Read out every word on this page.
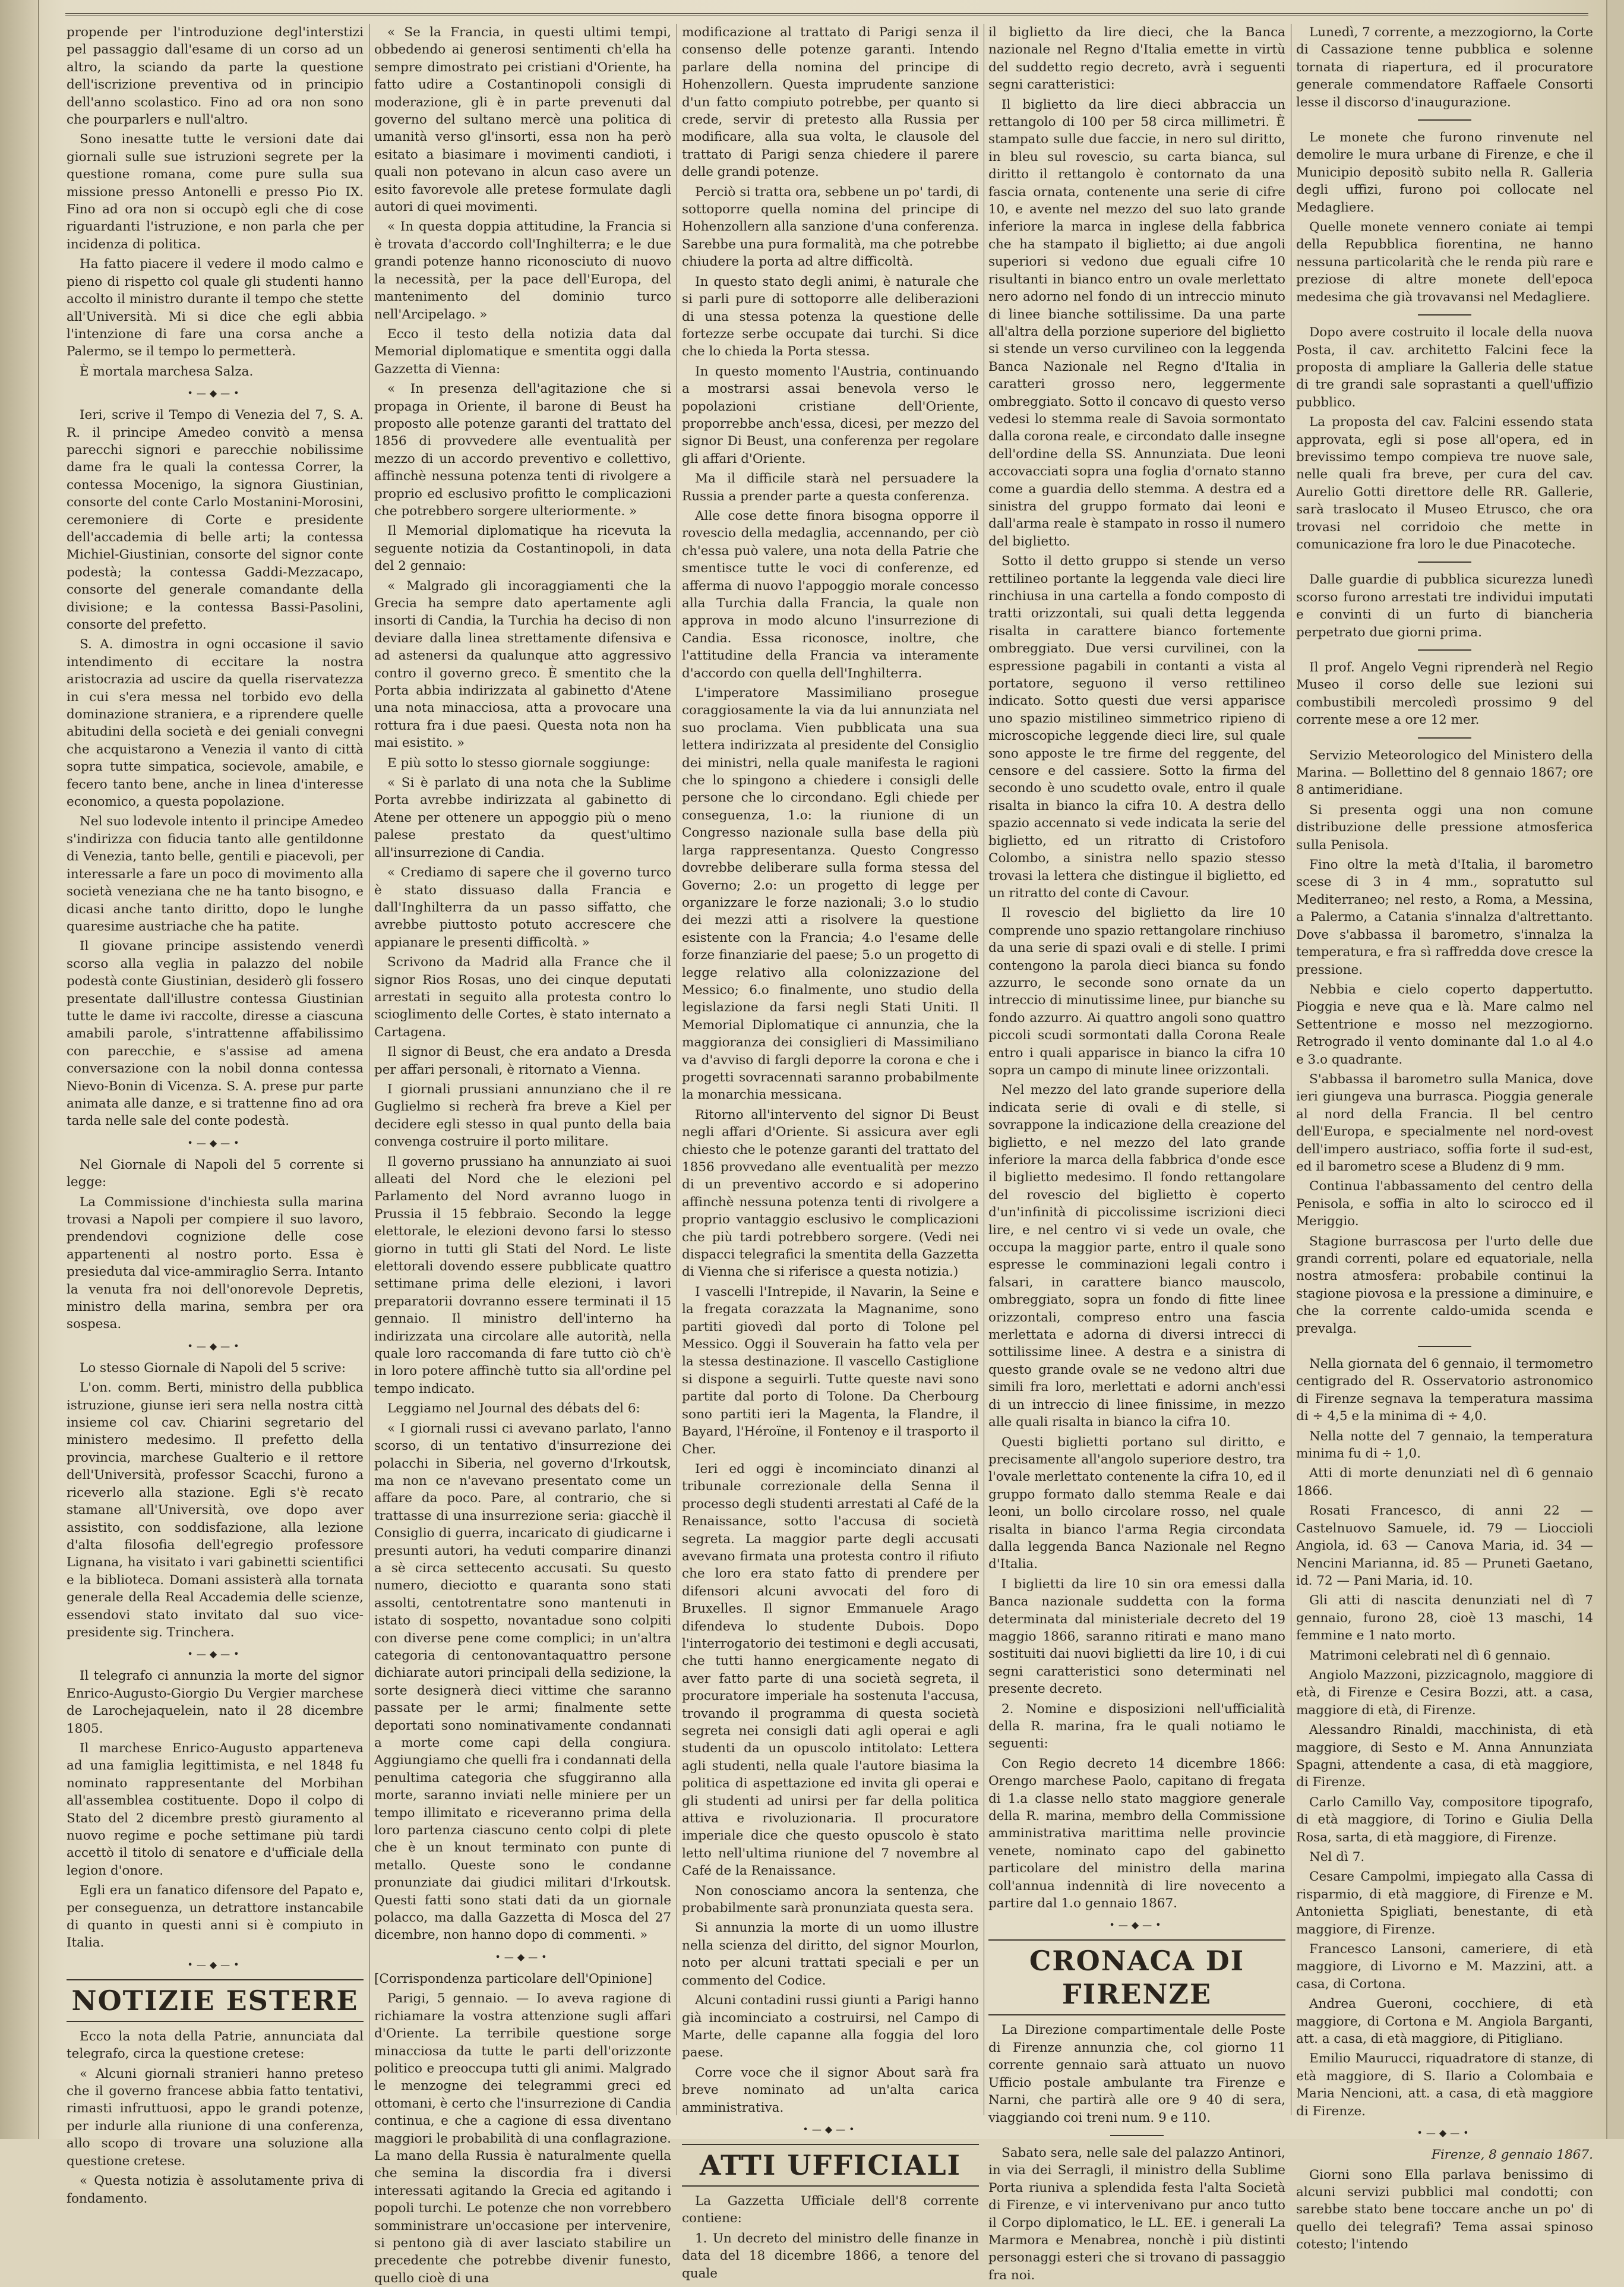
propende per l'introduzione degl'interstizi pel passaggio dall'esame di un corso ad un altro, la sciando da parte la questione dell'iscrizione preventiva od in principio dell'anno scolastico. Fino ad ora non sono che pourparlers e null'altro.

Sono inesatte tutte le versioni date dai giornali sulle sue istruzioni segrete per la questione romana, come pure sulla sua missione presso Antonelli e presso Pio IX. Fino ad ora non si occupò egli che di cose riguardanti l'istruzione, e non parla che per incidenza di politica.

Ha fatto piacere il vedere il modo calmo e pieno di rispetto col quale gli studenti hanno accolto il ministro durante il tempo che stette all'Università. Mi si dice che egli abbia l'intenzione di fare una corsa anche a Palermo, se il tempo lo permetterà.

È mortala marchesa Salza.

•—◆—•

Ieri, scrive il Tempo di Venezia del 7, S. A. R. il principe Amedeo convitò a mensa parecchi signori e parecchie nobilissime dame fra le quali la contessa Correr, la contessa Mocenigo, la signora Giustinian, consorte del conte Carlo Mostanini-Morosini, ceremoniere di Corte e presidente dell'accademia di belle arti; la contessa Michiel-Giustinian, consorte del signor conte podestà; la contessa Gaddi-Mezzacapo, consorte del generale comandante della divisione; e la contessa Bassi-Pasolini, consorte del prefetto.

S. A. dimostra in ogni occasione il savio intendimento di eccitare la nostra aristocrazia ad uscire da quella riservatezza in cui s'era messa nel torbido evo della dominazione straniera, e a riprendere quelle abitudini della società e dei geniali convegni che acquistarono a Venezia il vanto di città sopra tutte simpatica, socievole, amabile, e fecero tanto bene, anche in linea d'interesse economico, a questa popolazione.

Nel suo lodevole intento il principe Amedeo s'indirizza con fiducia tanto alle gentildonne di Venezia, tanto belle, gentili e piacevoli, per interessarle a fare un poco di movimento alla società veneziana che ne ha tanto bisogno, e dicasi anche tanto diritto, dopo le lunghe quaresime austriache che ha patite.

Il giovane principe assistendo venerdì scorso alla veglia in palazzo del nobile podestà conte Giustinian, desiderò gli fossero presentate dall'illustre contessa Giustinian tutte le dame ivi raccolte, diresse a ciascuna amabili parole, s'intrattenne affabilissimo con parecchie, e s'assise ad amena conversazione con la nobil donna contessa Nievo-Bonin di Vicenza. S. A. prese pur parte animata alle danze, e si trattenne fino ad ora tarda nelle sale del conte podestà.

•—◆—•

Nel Giornale di Napoli del 5 corrente si legge:

La Commissione d'inchiesta sulla marina trovasi a Napoli per compiere il suo lavoro, prendendovi cognizione delle cose appartenenti al nostro porto. Essa è presieduta dal vice-ammiraglio Serra. Intanto la venuta fra noi dell'onorevole Depretis, ministro della marina, sembra per ora sospesa.

•—◆—•

Lo stesso Giornale di Napoli del 5 scrive:

L'on. comm. Berti, ministro della pubblica istruzione, giunse ieri sera nella nostra città insieme col cav. Chiarini segretario del ministero medesimo. Il prefetto della provincia, marchese Gualterio e il rettore dell'Università, professor Scacchi, furono a riceverlo alla stazione. Egli s'è recato stamane all'Università, ove dopo aver assistito, con soddisfazione, alla lezione d'alta filosofia dell'egregio professore Lignana, ha visitato i vari gabinetti scientifici e la biblioteca. Domani assisterà alla tornata generale della Real Accademia delle scienze, essendovi stato invitato dal suo vice-presidente sig. Trinchera.

•—◆—•

Il telegrafo ci annunzia la morte del signor Enrico-Augusto-Giorgio Du Vergier marchese de Larochejaquelein, nato il 28 dicembre 1805.

Il marchese Enrico-Augusto apparteneva ad una famiglia legittimista, e nel 1848 fu nominato rappresentante del Morbihan all'assemblea costituente. Dopo il colpo di Stato del 2 dicembre prestò giuramento al nuovo regime e poche settimane più tardi accettò il titolo di senatore e d'ufficiale della legion d'onore.

Egli era un fanatico difensore del Papato e, per conseguenza, un detrattore instancabile di quanto in questi anni si è compiuto in Italia.

•—◆—•
NOTIZIE ESTERE

Ecco la nota della Patrie, annunciata dal telegrafo, circa la questione cretese:

« Alcuni giornali stranieri hanno preteso che il governo francese abbia fatto tentativi, rimasti infruttuosi, appo le grandi potenze, per indurle alla riunione di una conferenza, allo scopo di trovare una soluzione alla questione cretese.

« Questa notizia è assolutamente priva di fondamento.

« Se la Francia, in questi ultimi tempi, obbedendo ai generosi sentimenti ch'ella ha sempre dimostrato pei cristiani d'Oriente, ha fatto udire a Costantinopoli consigli di moderazione, gli è in parte prevenuti dal governo del sultano mercè una politica di umanità verso gl'insorti, essa non ha però esitato a biasimare i movimenti candioti, i quali non potevano in alcun caso avere un esito favorevole alle pretese formulate dagli autori di quei movimenti.

« In questa doppia attitudine, la Francia si è trovata d'accordo coll'Inghilterra; e le due grandi potenze hanno riconosciuto di nuovo la necessità, per la pace dell'Europa, del mantenimento del dominio turco nell'Arcipelago. »

Ecco il testo della notizia data dal Memorial diplomatique e smentita oggi dalla Gazzetta di Vienna:

« In presenza dell'agitazione che si propaga in Oriente, il barone di Beust ha proposto alle potenze garanti del trattato del 1856 di provvedere alle eventualità per mezzo di un accordo preventivo e collettivo, affinchè nessuna potenza tenti di rivolgere a proprio ed esclusivo profitto le complicazioni che potrebbero sorgere ulteriormente. »

Il Memorial diplomatique ha ricevuta la seguente notizia da Costantinopoli, in data del 2 gennaio:

« Malgrado gli incoraggiamenti che la Grecia ha sempre dato apertamente agli insorti di Candia, la Turchia ha deciso di non deviare dalla linea strettamente difensiva e ad astenersi da qualunque atto aggressivo contro il governo greco. È smentito che la Porta abbia indirizzata al gabinetto d'Atene una nota minacciosa, atta a provocare una rottura fra i due paesi. Questa nota non ha mai esistito. »

E più sotto lo stesso giornale soggiunge:

« Si è parlato di una nota che la Sublime Porta avrebbe indirizzata al gabinetto di Atene per ottenere un appoggio più o meno palese prestato da quest'ultimo all'insurrezione di Candia.

« Crediamo di sapere che il governo turco è stato dissuaso dalla Francia e dall'Inghilterra da un passo siffatto, che avrebbe piuttosto potuto accrescere che appianare le presenti difficoltà. »

Scrivono da Madrid alla France che il signor Rios Rosas, uno dei cinque deputati arrestati in seguito alla protesta contro lo scioglimento delle Cortes, è stato internato a Cartagena.

Il signor di Beust, che era andato a Dresda per affari personali, è ritornato a Vienna.

I giornali prussiani annunziano che il re Guglielmo si recherà fra breve a Kiel per decidere egli stesso in qual punto della baia convenga costruire il porto militare.

Il governo prussiano ha annunziato ai suoi alleati del Nord che le elezioni pel Parlamento del Nord avranno luogo in Prussia il 15 febbraio. Secondo la legge elettorale, le elezioni devono farsi lo stesso giorno in tutti gli Stati del Nord. Le liste elettorali dovendo essere pubblicate quattro settimane prima delle elezioni, i lavori preparatorii dovranno essere terminati il 15 gennaio. Il ministro dell'interno ha indirizzata una circolare alle autorità, nella quale loro raccomanda di fare tutto ciò ch'è in loro potere affinchè tutto sia all'ordine pel tempo indicato.

Leggiamo nel Journal des débats del 6:

« I giornali russi ci avevano parlato, l'anno scorso, di un tentativo d'insurrezione dei polacchi in Siberia, nel governo d'Irkoutsk, ma non ce n'avevano presentato come un affare da poco. Pare, al contrario, che si trattasse di una insurrezione seria: giacchè il Consiglio di guerra, incaricato di giudicarne i presunti autori, ha veduti comparire dinanzi a sè circa settecento accusati. Su questo numero, dieciotto e quaranta sono stati assolti, centotrentatre sono mantenuti in istato di sospetto, novantadue sono colpiti con diverse pene come complici; in un'altra categoria di centonovantaquattro persone dichiarate autori principali della sedizione, la sorte designerà dieci vittime che saranno passate per le armi; finalmente sette deportati sono nominativamente condannati a morte come capi della congiura. Aggiungiamo che quelli fra i condannati della penultima categoria che sfuggiranno alla morte, saranno inviati nelle miniere per un tempo illimitato e riceveranno prima della loro partenza ciascuno cento colpi di plete che è un knout terminato con punte di metallo. Queste sono le condanne pronunziate dai giudici militari d'Irkoutsk. Questi fatti sono stati dati da un giornale polacco, ma dalla Gazzetta di Mosca del 27 dicembre, non hanno dopo di commenti. »

•—◆—•

[Corrispondenza particolare dell'Opinione]

Parigi, 5 gennaio. — Io aveva ragione di richiamare la vostra attenzione sugli affari d'Oriente. La terribile questione sorge minacciosa da tutte le parti dell'orizzonte politico e preoccupa tutti gli animi. Malgrado le menzogne dei telegrammi greci ed ottomani, è certo che l'insurrezione di Candia continua, e che a cagione di essa diventano maggiori le probabilità di una conflagrazione. La mano della Russia è naturalmente quella che semina la discordia fra i diversi interessati agitando la Grecia ed agitando i popoli turchi. Le potenze che non vorrebbero somministrare un'occasione per intervenire, si pentono già di aver lasciato stabilire un precedente che potrebbe divenir funesto, quello cioè di una

modificazione al trattato di Parigi senza il consenso delle potenze garanti. Intendo parlare della nomina del principe di Hohenzollern. Questa imprudente sanzione d'un fatto compiuto potrebbe, per quanto si crede, servir di pretesto alla Russia per modificare, alla sua volta, le clausole del trattato di Parigi senza chiedere il parere delle grandi potenze.

Perciò si tratta ora, sebbene un po' tardi, di sottoporre quella nomina del principe di Hohenzollern alla sanzione d'una conferenza. Sarebbe una pura formalità, ma che potrebbe chiudere la porta ad altre difficoltà.

In questo stato degli animi, è naturale che si parli pure di sottoporre alle deliberazioni di una stessa potenza la questione delle fortezze serbe occupate dai turchi. Si dice che lo chieda la Porta stessa.

In questo momento l'Austria, continuando a mostrarsi assai benevola verso le popolazioni cristiane dell'Oriente, proporrebbe anch'essa, dicesi, per mezzo del signor Di Beust, una conferenza per regolare gli affari d'Oriente.

Ma il difficile starà nel persuadere la Russia a prender parte a questa conferenza.

Alle cose dette finora bisogna opporre il rovescio della medaglia, accennando, per ciò ch'essa può valere, una nota della Patrie che smentisce tutte le voci di conferenze, ed afferma di nuovo l'appoggio morale concesso alla Turchia dalla Francia, la quale non approva in modo alcuno l'insurrezione di Candia. Essa riconosce, inoltre, che l'attitudine della Francia va interamente d'accordo con quella dell'Inghilterra.

L'imperatore Massimiliano prosegue coraggiosamente la via da lui annunziata nel suo proclama. Vien pubblicata una sua lettera indirizzata al presidente del Consiglio dei ministri, nella quale manifesta le ragioni che lo spingono a chiedere i consigli delle persone che lo circondano. Egli chiede per conseguenza, 1.o: la riunione di un Congresso nazionale sulla base della più larga rappresentanza. Questo Congresso dovrebbe deliberare sulla forma stessa del Governo; 2.o: un progetto di legge per organizzare le forze nazionali; 3.o lo studio dei mezzi atti a risolvere la questione esistente con la Francia; 4.o l'esame delle forze finanziarie del paese; 5.o un progetto di legge relativo alla colonizzazione del Messico; 6.o finalmente, uno studio della legislazione da farsi negli Stati Uniti. Il Memorial Diplomatique ci annunzia, che la maggioranza dei consiglieri di Massimiliano va d'avviso di fargli deporre la corona e che i progetti sovracennati saranno probabilmente la monarchia messicana.

Ritorno all'intervento del signor Di Beust negli affari d'Oriente. Si assicura aver egli chiesto che le potenze garanti del trattato del 1856 provvedano alle eventualità per mezzo di un preventivo accordo e si adoperino affinchè nessuna potenza tenti di rivolgere a proprio vantaggio esclusivo le complicazioni che più tardi potrebbero sorgere. (Vedi nei dispacci telegrafici la smentita della Gazzetta di Vienna che si riferisce a questa notizia.)

I vascelli l'Intrepide, il Navarin, la Seine e la fregata corazzata la Magnanime, sono partiti giovedì dal porto di Tolone pel Messico. Oggi il Souverain ha fatto vela per la stessa destinazione. Il vascello Castiglione si dispone a seguirli. Tutte queste navi sono partite dal porto di Tolone. Da Cherbourg sono partiti ieri la Magenta, la Flandre, il Bayard, l'Héroïne, il Fontenoy e il trasporto il Cher.

Ieri ed oggi è incominciato dinanzi al tribunale correzionale della Senna il processo degli studenti arrestati al Café de la Renaissance, sotto l'accusa di società segreta. La maggior parte degli accusati avevano firmata una protesta contro il rifiuto che loro era stato fatto di prendere per difensori alcuni avvocati del foro di Bruxelles. Il signor Emmanuele Arago difendeva lo studente Dubois. Dopo l'interrogatorio dei testimoni e degli accusati, che tutti hanno energicamente negato di aver fatto parte di una società segreta, il procuratore imperiale ha sostenuta l'accusa, trovando il programma di questa società segreta nei consigli dati agli operai e agli studenti da un opuscolo intitolato: Lettera agli studenti, nella quale l'autore biasima la politica di aspettazione ed invita gli operai e gli studenti ad unirsi per far della politica attiva e rivoluzionaria. Il procuratore imperiale dice che questo opuscolo è stato letto nell'ultima riunione del 7 novembre al Café de la Renaissance.

Non conosciamo ancora la sentenza, che probabilmente sarà pronunziata questa sera.

Si annunzia la morte di un uomo illustre nella scienza del diritto, del signor Mourlon, noto per alcuni trattati speciali e per un commento del Codice.

Alcuni contadini russi giunti a Parigi hanno già incominciato a costruirsi, nel Campo di Marte, delle capanne alla foggia del loro paese.

Corre voce che il signor About sarà fra breve nominato ad un'alta carica amministrativa.

•—◆—•
ATTI UFFICIALI

La Gazzetta Ufficiale dell'8 corrente contiene:

1. Un decreto del ministro delle finanze in data del 18 dicembre 1866, a tenore del quale

il biglietto da lire dieci, che la Banca nazionale nel Regno d'Italia emette in virtù del suddetto regio decreto, avrà i seguenti segni caratteristici:

Il biglietto da lire dieci abbraccia un rettangolo di 100 per 58 circa millimetri. È stampato sulle due faccie, in nero sul diritto, in bleu sul rovescio, su carta bianca, sul diritto il rettangolo è contornato da una fascia ornata, contenente una serie di cifre 10, e avente nel mezzo del suo lato grande inferiore la marca in inglese della fabbrica che ha stampato il biglietto; ai due angoli superiori si vedono due eguali cifre 10 risultanti in bianco entro un ovale merlettato nero adorno nel fondo di un intreccio minuto di linee bianche sottilissime. Da una parte all'altra della porzione superiore del biglietto si stende un verso curvilineo con la leggenda Banca Nazionale nel Regno d'Italia in caratteri grosso nero, leggermente ombreggiato. Sotto il concavo di questo verso vedesi lo stemma reale di Savoia sormontato dalla corona reale, e circondato dalle insegne dell'ordine della SS. Annunziata. Due leoni accovacciati sopra una foglia d'ornato stanno come a guardia dello stemma. A destra ed a sinistra del gruppo formato dai leoni e dall'arma reale è stampato in rosso il numero del biglietto.

Sotto il detto gruppo si stende un verso rettilineo portante la leggenda vale dieci lire rinchiusa in una cartella a fondo composto di tratti orizzontali, sui quali detta leggenda risalta in carattere bianco fortemente ombreggiato. Due versi curvilinei, con la espressione pagabili in contanti a vista al portatore, seguono il verso rettilineo indicato. Sotto questi due versi apparisce uno spazio mistilineo simmetrico ripieno di microscopiche leggende dieci lire, sul quale sono apposte le tre firme del reggente, del censore e del cassiere. Sotto la firma del secondo è uno scudetto ovale, entro il quale risalta in bianco la cifra 10. A destra dello spazio accennato si vede indicata la serie del biglietto, ed un ritratto di Cristoforo Colombo, a sinistra nello spazio stesso trovasi la lettera che distingue il biglietto, ed un ritratto del conte di Cavour.

Il rovescio del biglietto da lire 10 comprende uno spazio rettangolare rinchiuso da una serie di spazi ovali e di stelle. I primi contengono la parola dieci bianca su fondo azzurro, le seconde sono ornate da un intreccio di minutissime linee, pur bianche su fondo azzurro. Ai quattro angoli sono quattro piccoli scudi sormontati dalla Corona Reale entro i quali apparisce in bianco la cifra 10 sopra un campo di minute linee orizzontali.

Nel mezzo del lato grande superiore della indicata serie di ovali e di stelle, si sovrappone la indicazione della creazione del biglietto, e nel mezzo del lato grande inferiore la marca della fabbrica d'onde esce il biglietto medesimo. Il fondo rettangolare del rovescio del biglietto è coperto d'un'infinità di piccolissime iscrizioni dieci lire, e nel centro vi si vede un ovale, che occupa la maggior parte, entro il quale sono espresse le comminazioni legali contro i falsari, in carattere bianco mauscolo, ombreggiato, sopra un fondo di fitte linee orizzontali, compreso entro una fascia merlettata e adorna di diversi intrecci di sottilissime linee. A destra e a sinistra di questo grande ovale se ne vedono altri due simili fra loro, merlettati e adorni anch'essi di un intreccio di linee finissime, in mezzo alle quali risalta in bianco la cifra 10.

Questi biglietti portano sul diritto, e precisamente all'angolo superiore destro, tra l'ovale merlettato contenente la cifra 10, ed il gruppo formato dallo stemma Reale e dai leoni, un bollo circolare rosso, nel quale risalta in bianco l'arma Regia circondata dalla leggenda Banca Nazionale nel Regno d'Italia.

I biglietti da lire 10 sin ora emessi dalla Banca nazionale suddetta con la forma determinata dal ministeriale decreto del 19 maggio 1866, saranno ritirati e mano mano sostituiti dai nuovi biglietti da lire 10, i di cui segni caratteristici sono determinati nel presente decreto.

2. Nomine e disposizioni nell'ufficialità della R. marina, fra le quali notiamo le seguenti:

Con Regio decreto 14 dicembre 1866: Orengo marchese Paolo, capitano di fregata di 1.a classe nello stato maggiore generale della R. marina, membro della Commissione amministrativa marittima nelle provincie venete, nominato capo del gabinetto particolare del ministro della marina coll'annua indennità di lire novecento a partire dal 1.o gennaio 1867.

•—◆—•
CRONACA DI FIRENZE

La Direzione compartimentale delle Poste di Firenze annunzia che, col giorno 11 corrente gennaio sarà attuato un nuovo Ufficio postale ambulante tra Firenze e Narni, che partirà alle ore 9 40 di sera, viaggiando coi treni num. 9 e 110.

Sabato sera, nelle sale del palazzo Antinori, in via dei Serragli, il ministro della Sublime Porta riuniva a splendida festa l'alta Società di Firenze, e vi intervenivano pur anco tutto il Corpo diplomatico, le LL. EE. i generali La Marmora e Menabrea, nonchè i più distinti personaggi esteri che si trovano di passaggio fra noi.

Lunedì, 7 corrente, a mezzogiorno, la Corte di Cassazione tenne pubblica e solenne tornata di riapertura, ed il procuratore generale commendatore Raffaele Consorti lesse il discorso d'inaugurazione.

Le monete che furono rinvenute nel demolire le mura urbane di Firenze, e che il Municipio depositò subito nella R. Galleria degli uffizi, furono poi collocate nel Medagliere.

Quelle monete vennero coniate ai tempi della Repubblica fiorentina, ne hanno nessuna particolarità che le renda più rare e preziose di altre monete dell'epoca medesima che già trovavansi nel Medagliere.

Dopo avere costruito il locale della nuova Posta, il cav. architetto Falcini fece la proposta di ampliare la Galleria delle statue di tre grandi sale soprastanti a quell'uffizio pubblico.

La proposta del cav. Falcini essendo stata approvata, egli si pose all'opera, ed in brevissimo tempo compieva tre nuove sale, nelle quali fra breve, per cura del cav. Aurelio Gotti direttore delle RR. Gallerie, sarà traslocato il Museo Etrusco, che ora trovasi nel corridoio che mette in comunicazione fra loro le due Pinacoteche.

Dalle guardie di pubblica sicurezza lunedì scorso furono arrestati tre individui imputati e convinti di un furto di biancheria perpetrato due giorni prima.

Il prof. Angelo Vegni riprenderà nel Regio Museo il corso delle sue lezioni sui combustibili mercoledì prossimo 9 del corrente mese a ore 12 mer.

Servizio Meteorologico del Ministero della Marina. — Bollettino del 8 gennaio 1867; ore 8 antimeridiane.

Si presenta oggi una non comune distribuzione delle pressione atmosferica sulla Penisola.

Fino oltre la metà d'Italia, il barometro scese di 3 in 4 mm., sopratutto sul Mediterraneo; nel resto, a Roma, a Messina, a Palermo, a Catania s'innalza d'altrettanto. Dove s'abbassa il barometro, s'innalza la temperatura, e fra sì raffredda dove cresce la pressione.

Nebbia e cielo coperto dappertutto. Pioggia e neve qua e là. Mare calmo nel Settentrione e mosso nel mezzogiorno. Retrogrado il vento dominante dal 1.o al 4.o e 3.o quadrante.

S'abbassa il barometro sulla Manica, dove ieri giungeva una burrasca. Pioggia generale al nord della Francia. Il bel centro dell'Europa, e specialmente nel nord-ovest dell'impero austriaco, soffia forte il sud-est, ed il barometro scese a Bludenz di 9 mm.

Continua l'abbassamento del centro della Penisola, e soffia in alto lo scirocco ed il Meriggio.

Stagione burrascosa per l'urto delle due grandi correnti, polare ed equatoriale, nella nostra atmosfera: probabile continui la stagione piovosa e la pressione a diminuire, e che la corrente caldo-umida scenda e prevalga.

Nella giornata del 6 gennaio, il termometro centigrado del R. Osservatorio astronomico di Firenze segnava la temperatura massima di ÷ 4,5 e la minima di ÷ 4,0.

Nella notte del 7 gennaio, la temperatura minima fu di ÷ 1,0.

Atti di morte denunziati nel dì 6 gennaio 1866.

Rosati Francesco, di anni 22 — Castelnuovo Samuele, id. 79 — Lioccioli Angiola, id. 63 — Canova Maria, id. 34 — Nencini Marianna, id. 85 — Pruneti Gaetano, id. 72 — Pani Maria, id. 10.

Gli atti di nascita denunziati nel dì 7 gennaio, furono 28, cioè 13 maschi, 14 femmine e 1 nato morto.

Matrimoni celebrati nel dì 6 gennaio.

Angiolo Mazzoni, pizzicagnolo, maggiore di età, di Firenze e Cesira Bozzi, att. a casa, maggiore di età, di Firenze.

Alessandro Rinaldi, macchinista, di età maggiore, di Sesto e M. Anna Annunziata Spagni, attendente a casa, di età maggiore, di Firenze.

Carlo Camillo Vay, compositore tipografo, di età maggiore, di Torino e Giulia Della Rosa, sarta, di età maggiore, di Firenze.

Nel dì 7.

Cesare Campolmi, impiegato alla Cassa di risparmio, di età maggiore, di Firenze e M. Antonietta Spigliati, benestante, di età maggiore, di Firenze.

Francesco Lansoni, cameriere, di età maggiore, di Livorno e M. Mazzini, att. a casa, di Cortona.

Andrea Gueroni, cocchiere, di età maggiore, di Cortona e M. Angiola Barganti, att. a casa, di età maggiore, di Pitigliano.

Emilio Maurucci, riquadratore di stanze, di età maggiore, di S. Ilario a Colombaia e Maria Nencioni, att. a casa, di età maggiore di Firenze.

•—◆—•
Firenze, 8 gennaio 1867.

Giorni sono Ella parlava benissimo di alcuni servizi pubblici mal condotti; con sarebbe stato bene toccare anche un po' di quello dei telegrafi? Tema assai spinoso cotesto; l'intendo
